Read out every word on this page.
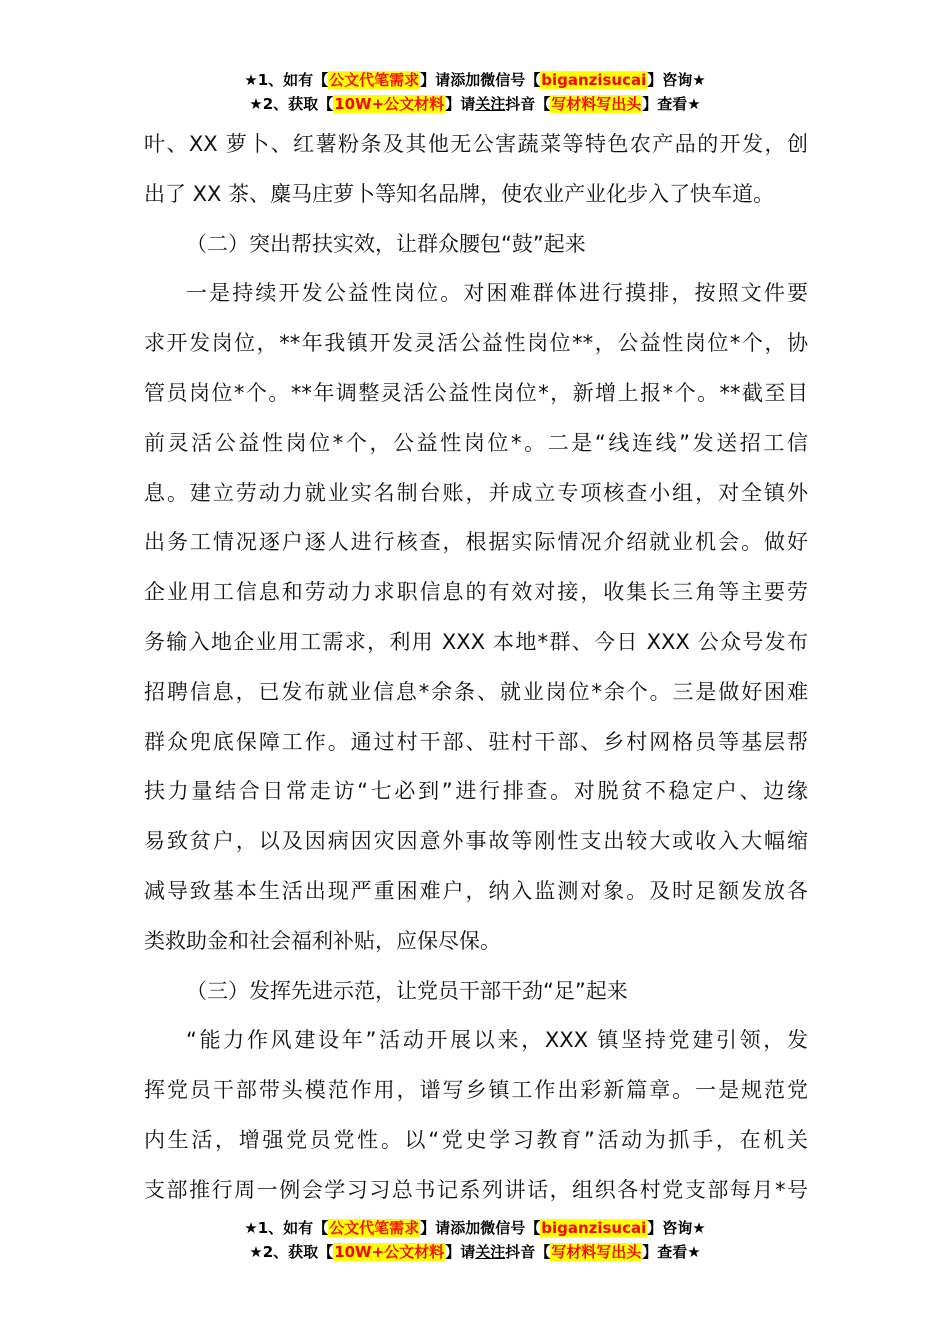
★1、如有【公文代笔需求】请添加微信号【biganzisucai】咨询★
★2、获取【10W+公文材料】请关注抖音【写材料写出头】查看★
叶、XX 萝卜、红薯粉条及其他无公害蔬菜等特色农产品的开发，创
出了 XX 茶、麋马庄萝卜等知名品牌，使农业产业化步入了快车道。
（二）突出帮扶实效，让群众腰包“鼓”起来
一是持续开发公益性岗位。对困难群体进行摸排，按照文件要
求开发岗位，**年我镇开发灵活公益性岗位**，公益性岗位*个，协
管员岗位*个。**年调整灵活公益性岗位*，新增上报*个。**截至目
前灵活公益性岗位*个，公益性岗位*。二是“线连线”发送招工信
息。建立劳动力就业实名制台账，并成立专项核查小组，对全镇外
出务工情况逐户逐人进行核查，根据实际情况介绍就业机会。做好
企业用工信息和劳动力求职信息的有效对接，收集长三角等主要劳
务输入地企业用工需求，利用 XXX 本地*群、今日 XXX 公众号发布
招聘信息，已发布就业信息*余条、就业岗位*余个。三是做好困难
群众兜底保障工作。通过村干部、驻村干部、乡村网格员等基层帮
扶力量结合日常走访“七必到”进行排查。对脱贫不稳定户、边缘
易致贫户，以及因病因灾因意外事故等刚性支出较大或收入大幅缩
减导致基本生活出现严重困难户，纳入监测对象。及时足额发放各
类救助金和社会福利补贴，应保尽保。
（三）发挥先进示范，让党员干部干劲“足”起来
“能力作风建设年”活动开展以来，XXX 镇坚持党建引领，发
挥党员干部带头模范作用，谱写乡镇工作出彩新篇章。一是规范党
内生活，增强党员党性。以“党史学习教育”活动为抓手，在机关
支部推行周一例会学习习总书记系列讲话，组织各村党支部每月*号
★1、如有【公文代笔需求】请添加微信号【biganzisucai】咨询★
★2、获取【10W+公文材料】请关注抖音【写材料写出头】查看★
